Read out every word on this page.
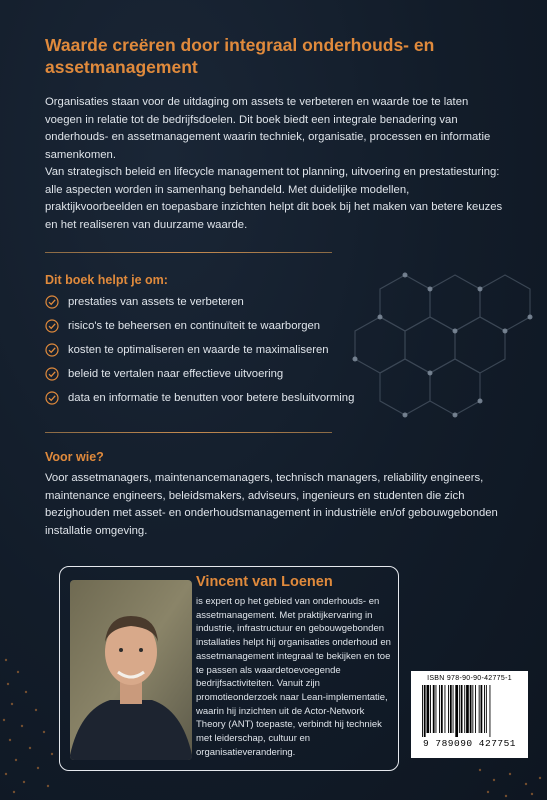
Waarde creëren door integraal onderhouds- en assetmanagement

Organisaties staan voor de uitdaging om assets te verbeteren en waarde toe te laten voegen in relatie tot de bedrijfsdoelen. Dit boek biedt een integrale benadering van onderhouds- en assetmanagement waarin techniek, organisatie, processen en informatie samenkomen.

Van strategisch beleid en lifecycle management tot planning, uitvoering en prestatiesturing: alle aspecten worden in samenhang behandeld. Met duidelijke modellen, praktijkvoorbeelden en toepasbare inzichten helpt dit boek bij het maken van betere keuzes en het realiseren van duurzame waarde.

Dit boek helpt je om:
prestaties van assets te verbeteren
risico's te beheersen en continuïteit te waarborgen
kosten te optimaliseren en waarde te maximaliseren
beleid te vertalen naar effectieve uitvoering
data en informatie te benutten voor betere besluitvorming
Voor wie?

Voor assetmanagers, maintenancemanagers, technisch managers, reliability engineers, maintenance engineers, beleidsmakers, adviseurs, ingenieurs en studenten die zich bezighouden met asset- en onderhoudsmanagement in industriële en/of gebouwgebonden installatie omgeving.

Vincent van Loenen

is expert op het gebied van onderhouds- en assetmanagement. Met praktijkervaring in industrie, infrastructuur en gebouwgebonden installaties helpt hij organisaties onderhoud en assetmanagement integraal te bekijken en toe te passen als waardetoevoegende bedrijfsactiviteiten. Vanuit zijn promotieonderzoek naar Lean-implementatie, waarin hij inzichten uit de Actor-Network Theory (ANT) toepaste, verbindt hij techniek met leiderschap, cultuur en organisatieverandering.

ISBN 978-90-90-42775-1
9 789090 427751
